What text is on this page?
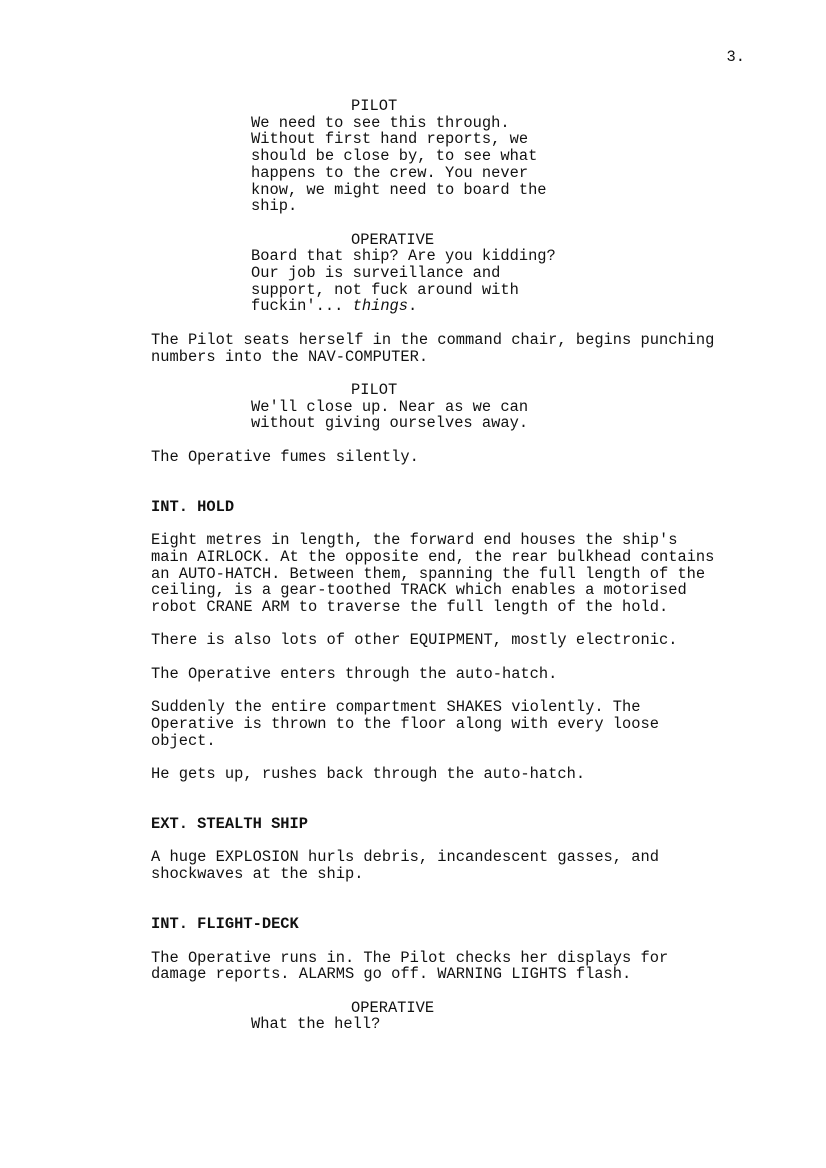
3.
PILOT
We need to see this through.
Without first hand reports, we
should be close by, to see what
happens to the crew. You never
know, we might need to board the
ship.
OPERATIVE
Board that ship? Are you kidding?
Our job is surveillance and
support, not fuck around with
fuckin'... things.
The Pilot seats herself in the command chair, begins punching
numbers into the NAV-COMPUTER.
PILOT
We'll close up. Near as we can
without giving ourselves away.
The Operative fumes silently.
INT. HOLD
Eight metres in length, the forward end houses the ship's
main AIRLOCK. At the opposite end, the rear bulkhead contains
an AUTO-HATCH. Between them, spanning the full length of the
ceiling, is a gear-toothed TRACK which enables a motorised
robot CRANE ARM to traverse the full length of the hold.
There is also lots of other EQUIPMENT, mostly electronic.
The Operative enters through the auto-hatch.
Suddenly the entire compartment SHAKES violently. The
Operative is thrown to the floor along with every loose
object.
He gets up, rushes back through the auto-hatch.
EXT. STEALTH SHIP
A huge EXPLOSION hurls debris, incandescent gasses, and
shockwaves at the ship.
INT. FLIGHT-DECK
The Operative runs in. The Pilot checks her displays for
damage reports. ALARMS go off. WARNING LIGHTS flash.
OPERATIVE
What the hell?
